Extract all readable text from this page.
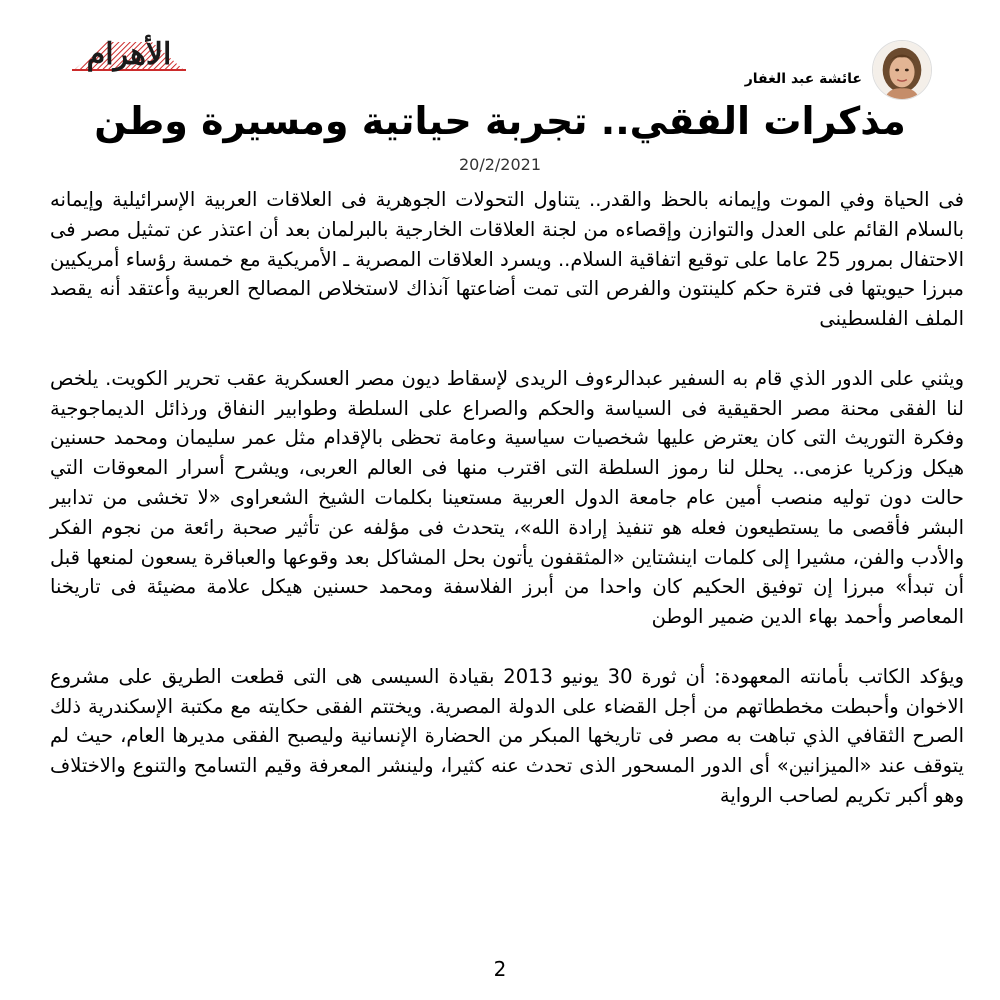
الأهرام
عائشة عبد الغفار
مذكرات الفقي.. تجربة حياتية ومسيرة وطن
20/2/2021

فى الحياة وفي الموت وإيمانه بالحظ والقدر.. يتناول التحولات الجوهرية فى العلاقات العربية الإسرائيلية وإيمانه بالسلام القائم على العدل والتوازن وإقصاءه من لجنة العلاقات الخارجية بالبرلمان بعد أن اعتذر عن تمثيل مصر فى الاحتفال بمرور 25 عاما على توقيع اتفاقية السلام.. ويسرد العلاقات المصرية ـ الأمريكية مع خمسة رؤساء أمريكيين مبرزا حيويتها فى فترة حكم كلينتون والفرص التى تمت أضاعتها آنذاك لاستخلاص المصالح العربية وأعتقد أنه يقصد الملف الفلسطينى

ويثني على الدور الذي قام به السفير عبدالرءوف الريدى لإسقاط ديون مصر العسكرية عقب تحرير الكويت. يلخص لنا الفقى محنة مصر الحقيقية فى السياسة والحكم والصراع على السلطة وطوابير النفاق ورذائل الديماجوجية وفكرة التوريث التى كان يعترض عليها شخصيات سياسية وعامة تحظى بالإقدام مثل عمر سليمان ومحمد حسنين هيكل وزكريا عزمى.. يحلل لنا رموز السلطة التى اقترب منها فى العالم العربى، ويشرح أسرار المعوقات التي حالت دون توليه منصب أمين عام جامعة الدول العربية مستعينا بكلمات الشيخ الشعراوى «لا تخشى من تدابير البشر فأقصى ما يستطيعون فعله هو تنفيذ إرادة الله»، يتحدث فى مؤلفه عن تأثير صحبة رائعة من نجوم الفكر والأدب والفن، مشيرا إلى كلمات اينشتاين «المثقفون يأتون بحل المشاكل بعد وقوعها والعباقرة يسعون لمنعها قبل أن تبدأ» مبرزا إن توفيق الحكيم كان واحدا من أبرز الفلاسفة ومحمد حسنين هيكل علامة مضيئة فى تاريخنا المعاصر وأحمد بهاء الدين ضمير الوطن

ويؤكد الكاتب بأمانته المعهودة: أن ثورة 30 يونيو 2013 بقيادة السيسى هى التى قطعت الطريق على مشروع الاخوان وأحبطت مخططاتهم من أجل القضاء على الدولة المصرية. ويختتم الفقى حكايته مع مكتبة الإسكندرية ذلك الصرح الثقافي الذي تباهت به مصر فى تاريخها المبكر من الحضارة الإنسانية وليصبح الفقى مديرها العام، حيث لم يتوقف عند «الميزانين» أى الدور المسحور الذى تحدث عنه كثيرا، ولينشر المعرفة وقيم التسامح والتنوع والاختلاف وهو أكبر تكريم لصاحب الرواية

2
